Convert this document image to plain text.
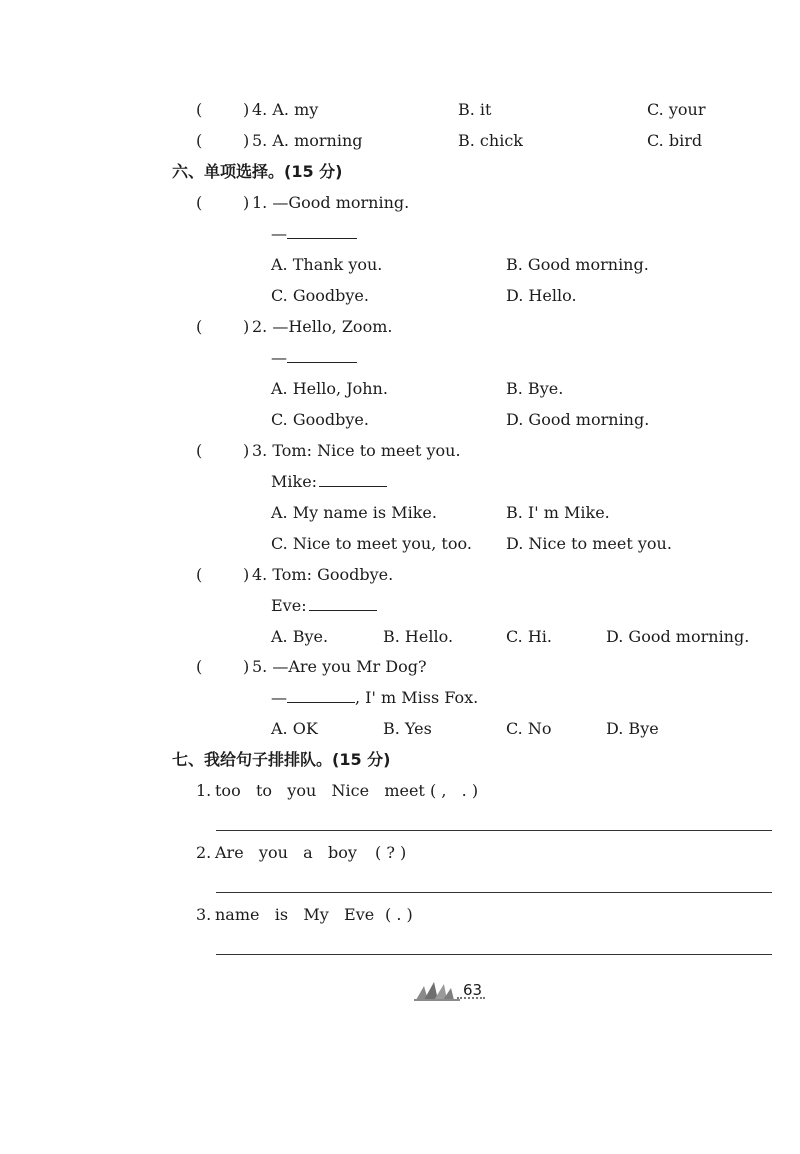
(	) 4. A. my	B. it	C. your
(	) 5. A. morning	B. chick	C. bird
六、单项选择。(15 分)
(	) 1. —Good morning.
—
A. Thank you.	B. Good morning.
C. Goodbye.	D. Hello.
(	) 2. —Hello, Zoom.
—
A. Hello, John.	B. Bye.
C. Goodbye.	D. Good morning.
(	) 3. Tom: Nice to meet you.
Mike:
A. My name is Mike.	B. I' m Mike.
C. Nice to meet you, too. D. Nice to meet you.
(	) 4. Tom: Goodbye.
Eve:
A. Bye.	B. Hello.	C. Hi.	D. Good morning.
(	) 5. —Are you Mr Dog?
—	, I' m Miss Fox.
A. OK	B. Yes	C. No	D. Bye
七、我给句子排排队。(15 分)
1. too   to   you   Nice   meet ( ,   . )
2. Are   you   a   boy ( ? )
3. name   is   My   Eve ( . )
63
